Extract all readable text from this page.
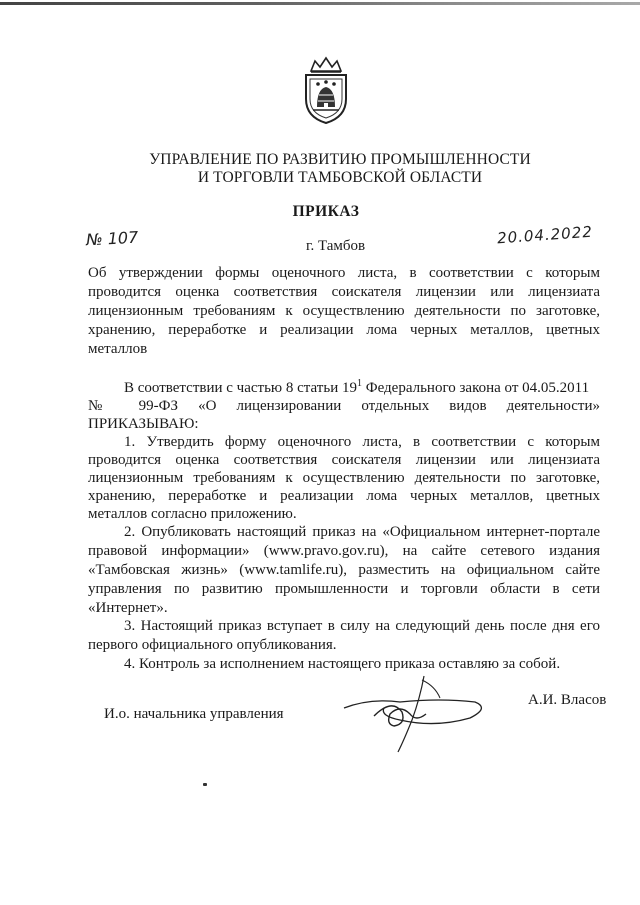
УПРАВЛЕНИЕ ПО РАЗВИТИЮ ПРОМЫШЛЕННОСТИ
И ТОРГОВЛИ ТАМБОВСКОЙ ОБЛАСТИ
ПРИКАЗ
№ 107	г. Тамбов	20.04.2022
Об утверждении формы оценочного листа, в соответствии с которым
проводится оценка соответствия соискателя лицензии или лицензиата
лицензионным требованиям к осуществлению деятельности по заготовке,
хранению, переработке и реализации лома черных металлов, цветных
металлов
В соответствии с частью 8 статьи $19^1$ Федерального закона от 04.05.2011
№ 99-ФЗ «О лицензировании отдельных видов деятельности»
ПРИКАЗЫВАЮ:
1. Утвердить форму оценочного листа, в соответствии с которым
проводится оценка соответствия соискателя лицензии или лицензиата
лицензионным требованиям к осуществлению деятельности по заготовке,
хранению, переработке и реализации лома черных металлов, цветных
металлов согласно приложению.
2. Опубликовать настоящий приказ на «Официальном интернет-портале
правовой информации» (www.pravo.gov.ru), на сайте сетевого издания
«Тамбовская жизнь» (www.tamlife.ru), разместить на официальном сайте
управления по развитию промышленности и торговли области в сети
«Интернет».
3. Настоящий приказ вступает в силу на следующий день после дня его
первого официального опубликования.
4. Контроль за исполнением настоящего приказа оставляю за собой.
А.И. Власов
И.о. начальника управления
